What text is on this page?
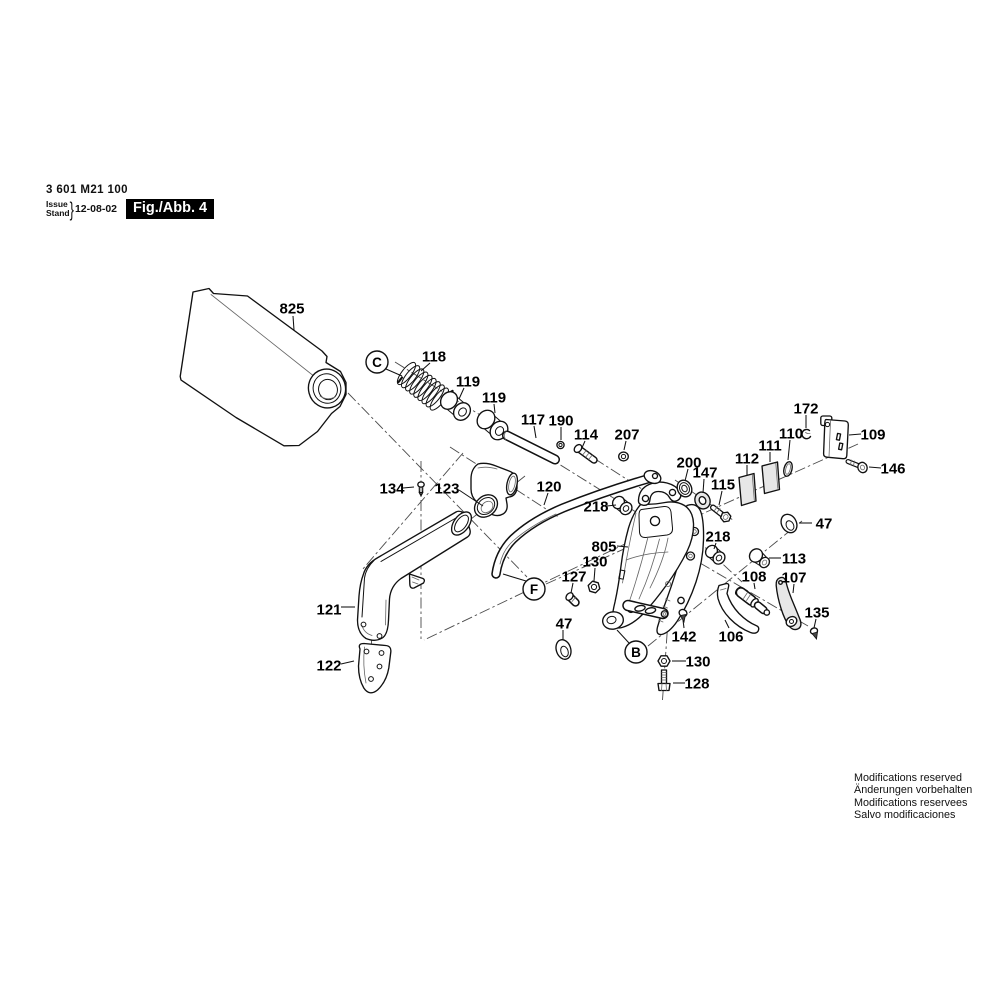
3 601 M21 100
Issue
Stand } 12-08-02	Fig./Abb. 4
825
118
119
119
117 190
114 207
120
218
200
147
115
112
111
110
172
109
146
134 123
121
122
805
130
127
47
142
130
128
218
113
108 107
106
135
47
C
F
B
Modifications reserved
Änderungen vorbehalten
Modifications reservees
Salvo modificaciones
